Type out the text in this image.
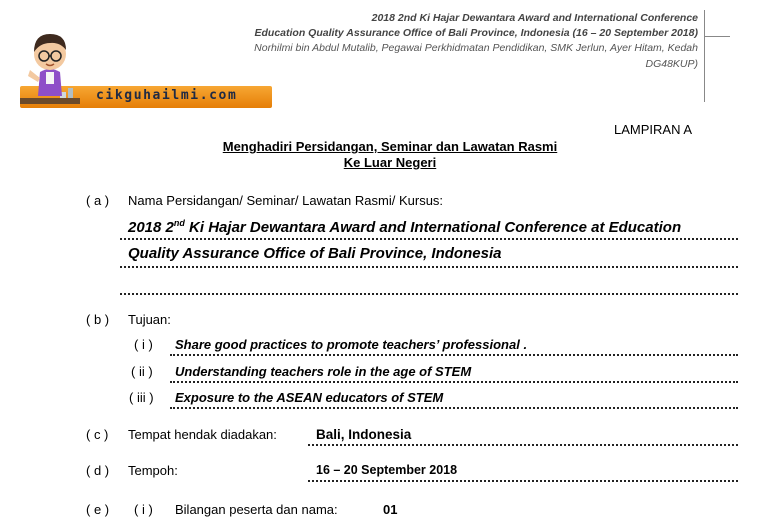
2018 2nd Ki Hajar Dewantara Award and International Conference
Education Quality Assurance Office of Bali Province, Indonesia (16 – 20 September 2018)
Norhilmi bin Abdul Mutalib, Pegawai Perkhidmatan Pendidikan, SMK Jerlun, Ayer Hitam, Kedah
DG48KUP)
cikguhailmi.com
LAMPIRAN A
Menghadiri Persidangan, Seminar dan Lawatan Rasmi
Ke Luar Negeri
( a ) Nama Persidangan/ Seminar/ Lawatan Rasmi/ Kursus:
2018 2nd Ki Hajar Dewantara Award and International Conference at Education
Quality Assurance Office of Bali Province, Indonesia
( b ) Tujuan:
( i ) Share good practices to promote teachers’ professional .
( ii ) Understanding teachers role in the age of STEM
( iii ) Exposure to the ASEAN educators of STEM
( c ) Tempat hendak diadakan:	Bali, Indonesia
( d ) Tempoh:	16 – 20 September 2018
( e ) ( i ) Bilangan peserta dan nama:	01
